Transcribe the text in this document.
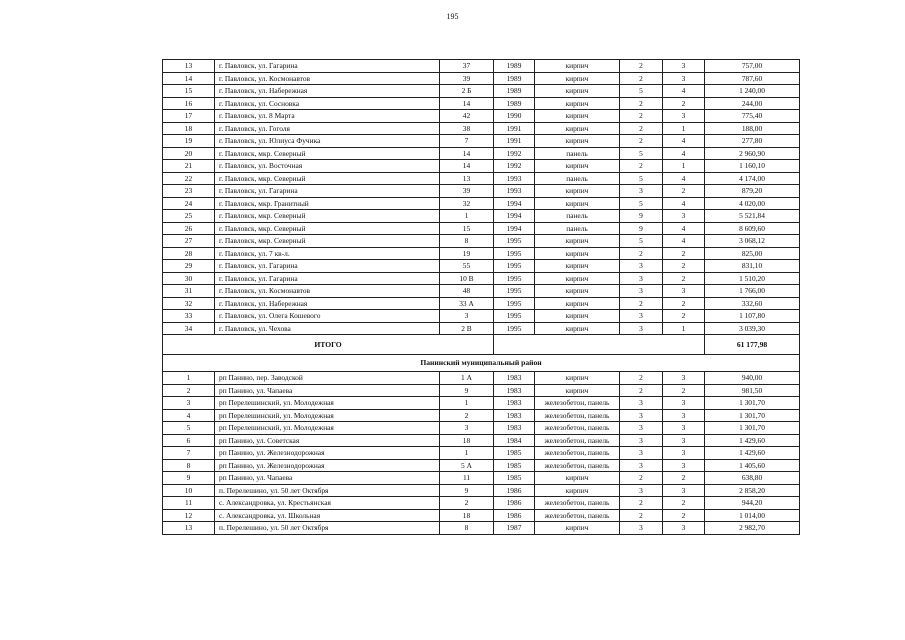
195
13	г. Павловск, ул. Гагарина	37	1989	кирпич	2	3	757,00
14	г. Павловск, ул. Космонавтов	39	1989	кирпич	2	3	787,60
15	г. Павловск, ул. Набережная	2 Б	1989	кирпич	5	4	1 240,00
16	г. Павловск, ул. Сосновка	14	1989	кирпич	2	2	244,00
17	г. Павловск, ул. 8 Марта	42	1990	кирпич	2	3	775,40
18	г. Павловск, ул. Гоголя	38	1991	кирпич	2	1	188,00
19	г. Павловск, ул. Юлиуса Фучика	7	1991	кирпич	2	4	277,80
20	г. Павловск, мкр. Северный	14	1992	панель	5	4	2 960,90
21	г. Павловск, ул. Восточная	14	1992	кирпич	2	1	1 160,10
22	г. Павловск, мкр. Северный	13	1993	панель	5	4	4 174,00
23	г. Павловск, ул. Гагарина	39	1993	кирпич	3	2	879,20
24	г. Павловск, мкр. Гранитный	32	1994	кирпич	5	4	4 020,00
25	г. Павловск, мкр. Северный	1	1994	панель	9	3	5 521,84
26	г. Павловск, мкр. Северный	15	1994	панель	9	4	8 609,60
27	г. Павловск, мкр. Северный	8	1995	кирпич	5	4	3 068,12
28	г. Павловск, ул. 7 кв-л.	19	1995	кирпич	2	2	825,00
29	г. Павловск, ул. Гагарина	55	1995	кирпич	3	2	831,10
30	г. Павловск, ул. Гагарина	10 В	1995	кирпич	3	2	1 510,20
31	г. Павловск, ул. Космонавтов	48	1995	кирпич	3	3	1 766,00
32	г. Павловск, ул. Набережная	33 А	1995	кирпич	2	2	332,60
33	г. Павловск, ул. Олега Кошевого	3	1995	кирпич	3	2	1 107,80
34	г. Павловск, ул. Чехова	2 В	1995	кирпич	3	1	3 039,30
ИТОГО							61 177,98
Панинский муниципальный район							
1	рп Панино, пер. Заводской	1 А	1983	кирпич	2	3	940,00
2	рп Панино, ул. Чапаева	9	1983	кирпич	2	2	981,50
3	рп Перелешинский, ул. Молодежная	1	1983	железобетон, панель	3	3	1 301,70
4	рп Перелешинский, ул. Молодежная	2	1983	железобетон, панель	3	3	1 301,70
5	рп Перелешинский, ул. Молодежная	3	1983	железобетон, панель	3	3	1 301,70
6	рп Панино, ул. Советская	18	1984	железобетон, панель	3	3	1 429,60
7	рп Панино, ул. Железнодорожная	1	1985	железобетон, панель	3	3	1 429,60
8	рп Панино, ул. Железнодорожная	5 А	1985	железобетон, панель	3	3	1 405,60
9	рп Панино, ул. Чапаева	11	1985	кирпич	2	2	638,80
10	п. Перелешино, ул. 50 лет Октября	9	1986	кирпич	3	3	2 858,20
11	с. Александровка, ул. Крестьянская	2	1986	железобетон, панель	2	2	944,20
12	с. Александровка, ул. Школьная	18	1986	железобетон, панель	2	2	1 014,00
13	п. Перелешино, ул. 50 лет Октября	8	1987	кирпич	3	3	2 982,70
